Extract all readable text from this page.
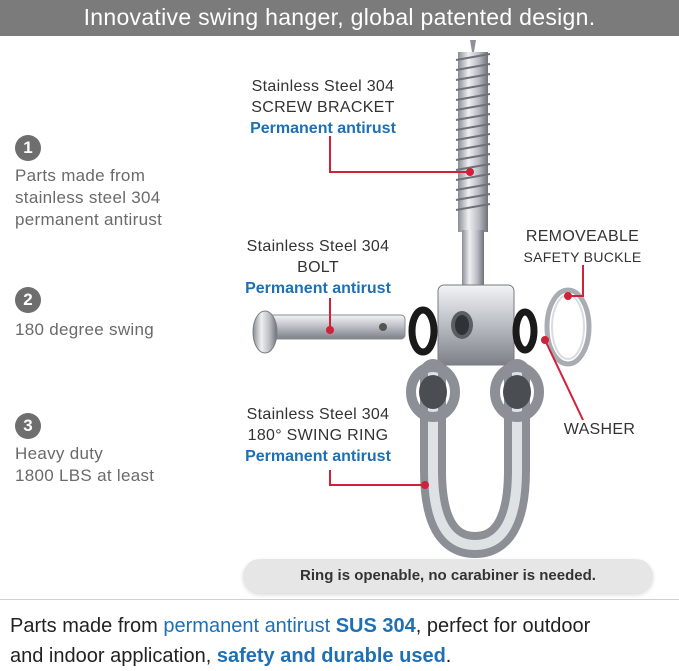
Innovative swing hanger, global patented design.
1
Parts made from
stainless steel 304
permanent antirust
2
180 degree swing
3
Heavy duty
1800 LBS at least
Stainless Steel 304
SCREW BRACKET
Permanent antirust
Stainless Steel 304
BOLT
Permanent antirust
Stainless Steel 304
180° SWING RING
Permanent antirust
REMOVEABLE
SAFETY BUCKLE
WASHER
Ring is openable, no carabiner is needed.
Parts made from permanent antirust SUS 304, perfect for outdoor
and indoor application, safety and durable used.
